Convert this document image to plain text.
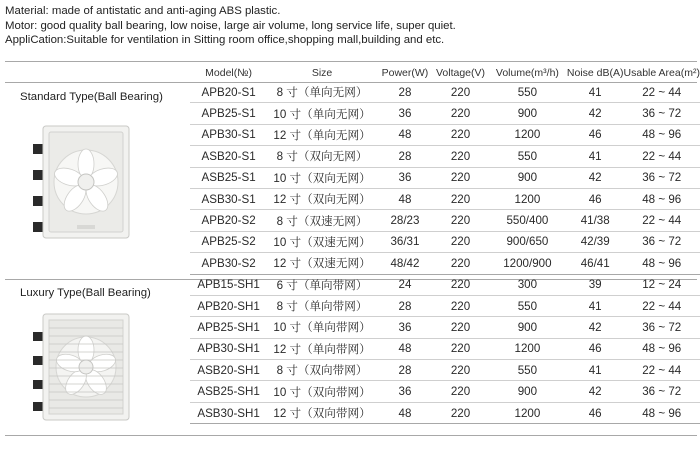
Material: made of antistatic and anti-aging ABS plastic.
Motor: good quality ball bearing, low noise, large air volume, long service life, super quiet.
AppliCation:Suitable for ventilation in Sitting room office,shopping mall,building and etc.
Standard Type(Ball Bearing)
Luxury Type(Ball Bearing)
Model(№)	Size	Power(W)	Voltage(V)	Volume(m³/h)	Noise dB(A)	Usable Area(m²)
APB20-S1	8 寸（单向无网）	28	220	550	41	22 ~ 44
APB25-S1	10 寸（单向无网）	36	220	900	42	36 ~ 72
APB30-S1	12 寸（单向无网）	48	220	1200	46	48 ~ 96
ASB20-S1	8 寸（双向无网）	28	220	550	41	22 ~ 44
ASB25-S1	10 寸（双向无网）	36	220	900	42	36 ~ 72
ASB30-S1	12 寸（双向无网）	48	220	1200	46	48 ~ 96
APB20-S2	8 寸（双速无网）	28/23	220	550/400	41/38	22 ~ 44
APB25-S2	10 寸（双速无网）	36/31	220	900/650	42/39	36 ~ 72
APB30-S2	12 寸（双速无网）	48/42	220	1200/900	46/41	48 ~ 96
APB15-SH1	6 寸（单向带网）	24	220	300	39	12 ~ 24
APB20-SH1	8 寸（单向带网）	28	220	550	41	22 ~ 44
APB25-SH1	10 寸（单向带网）	36	220	900	42	36 ~ 72
APB30-SH1	12 寸（单向带网）	48	220	1200	46	48 ~ 96
ASB20-SH1	8 寸（双向带网）	28	220	550	41	22 ~ 44
ASB25-SH1	10 寸（双向带网）	36	220	900	42	36 ~ 72
ASB30-SH1	12 寸（双向带网）	48	220	1200	46	48 ~ 96
